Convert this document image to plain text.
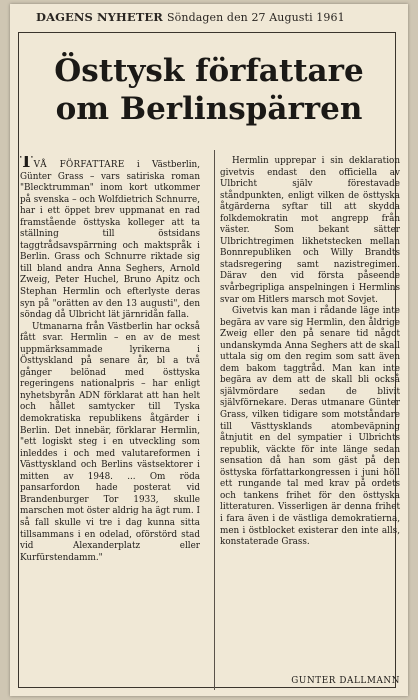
DAGENS NYHETER Söndagen den 27 Augusti 1961
Östtysk författare
om Berlinspärren

TVÅ FÖRFATTARE i Västberlin, Günter Grass – vars satiriska roman "Blecktrumman" inom kort utkommer på svenska – och Wolfdietrich Schnurre, har i ett öppet brev uppmanat en rad framstående östtyska kolleger att ta ställning till östsidans taggtrådsavspärrning och maktspråk i Berlin. Grass och Schnurre riktade sig till bland andra Anna Seghers, Arnold Zweig, Peter Huchel, Bruno Apitz och Stephan Hermlin och efterlyste deras syn på "orätten av den 13 augusti", den söndag då Ulbricht lät järnridån falla.

Utmanarna från Västberlin har också fått svar. Hermlin – en av de mest uppmärksammade lyrikerna i Östtyskland på senare år, bl a två gånger belönad med östtyska regeringens nationalpris – har enligt nyhetsbyrån ADN förklarat att han helt och hållet samtycker till Tyska demokratiska republikens åtgärder i Berlin. Det innebär, förklarar Hermlin, "ett logiskt steg i en utveckling som inleddes i och med valutareformen i Västtyskland och Berlins västsektorer i mitten av 1948. ... Om röda pansarfordon hade posterat vid Brandenburger Tor 1933, skulle marschen mot öster aldrig ha ägt rum. I så fall skulle vi tre i dag kunna sitta tillsammans i en odelad, oförstörd stad vid Alexanderplatz eller Kurfürstendamm."

Hermlin upprepar i sin deklaration givetvis endast den officiella av Ulbricht själv förestavade ståndpunkten, enligt vilken de östtyska åtgärderna syftar till att skydda folkdemokratin mot angrepp från väster. Som bekant sätter Ulbrichtregimen likhetstecken mellan Bonnrepubliken och Willy Brandts stadsregering samt nazistregimen. Därav den vid första påseende svårbegripliga anspelningen i Hermlins svar om Hitlers marsch mot Sovjet.

Givetvis kan man i rådande läge inte begära av vare sig Hermlin, den åldrige Zweig eller den på senare tid något undanskymda Anna Seghers att de skall uttala sig om den regim som satt även dem bakom taggtråd. Man kan inte begära av dem att de skall bli också självmördare sedan de blivit självförnekare. Deras utmanare Günter Grass, vilken tidigare som motståndare till Västtysklands atombeväpning åtnjutit en del sympatier i Ulbrichts republik, väckte för inte länge sedan sensation då han som gäst på den östtyska författarkongressen i juni höll ett rungande tal med krav på ordets och tankens frihet för den östtyska litteraturen. Visserligen är denna frihet i fara även i de västliga demokratierna, men i östblocket existerar den inte alls, konstaterade Grass.

GUNTER DALLMANN
